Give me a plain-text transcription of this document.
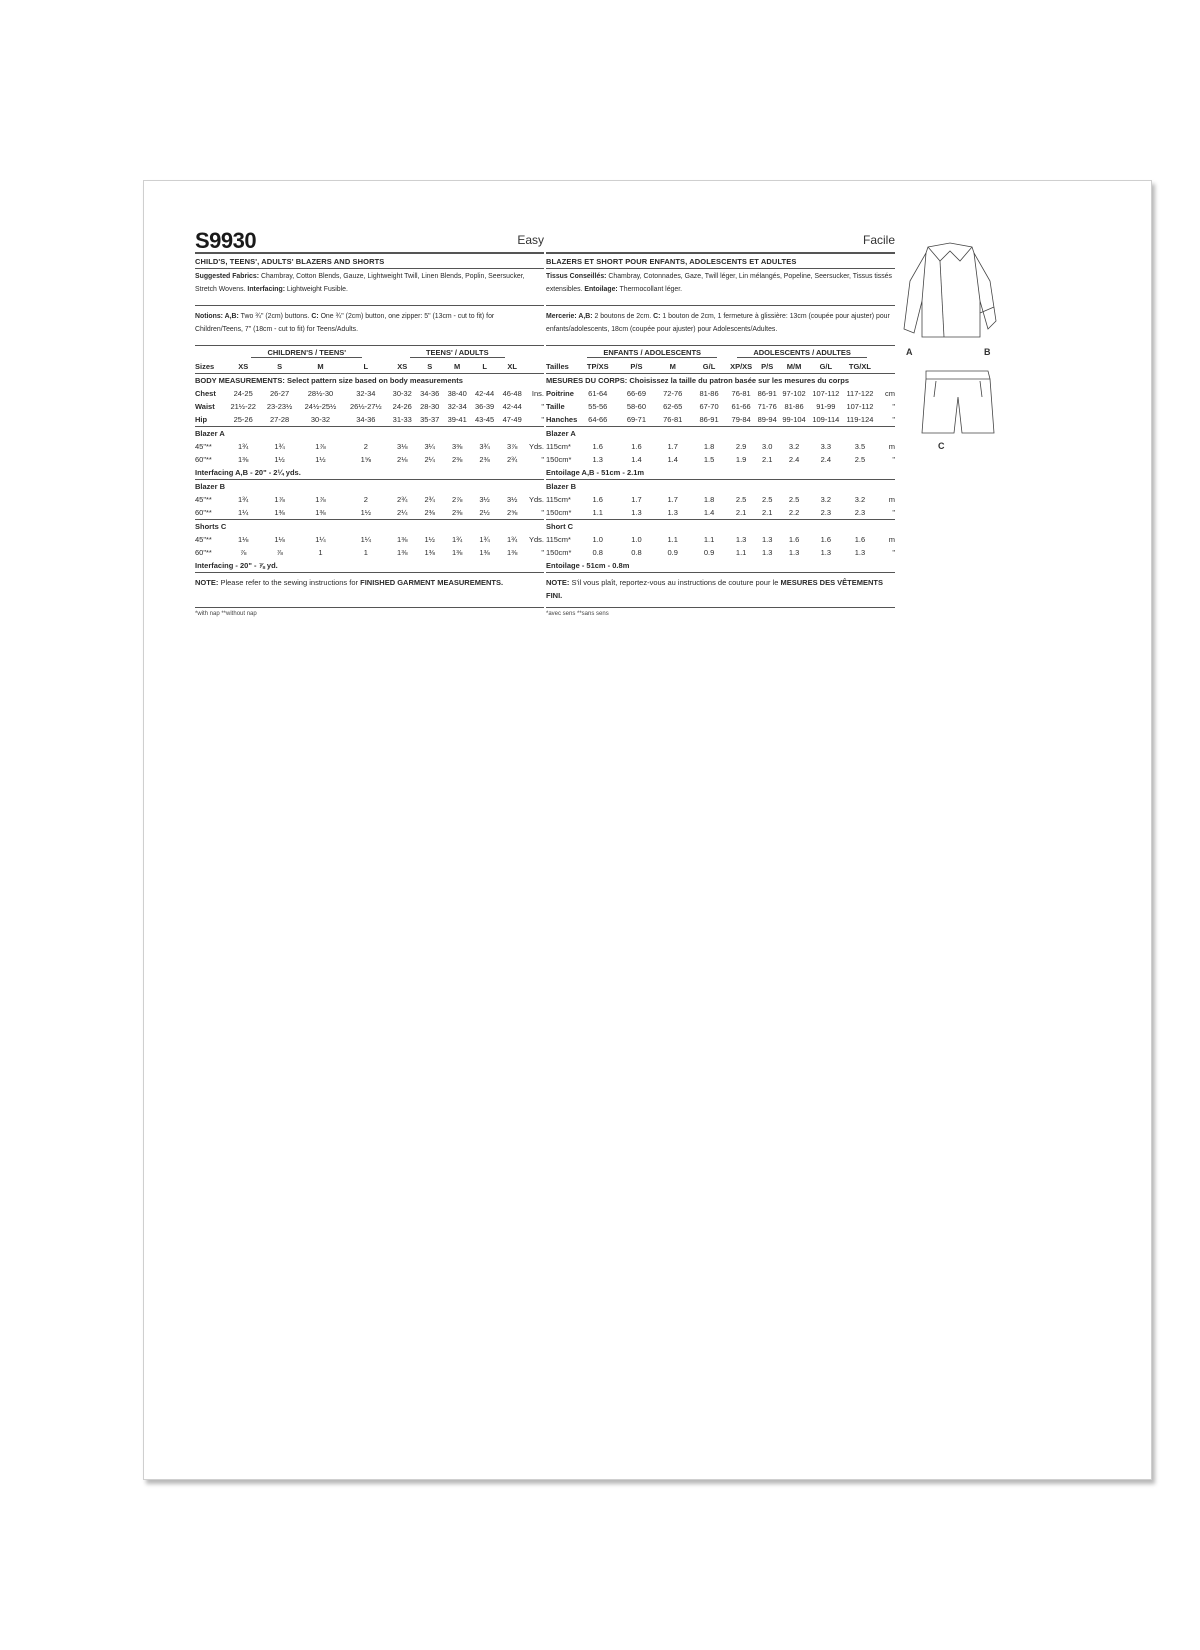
S9930	Easy
CHILD'S, TEENS', ADULTS' BLAZERS AND SHORTS
Suggested Fabrics: Chambray, Cotton Blends, Gauze, Lightweight Twill, Linen Blends, Poplin, Seersucker, Stretch Wovens. Interfacing: Lightweight Fusible.
Notions: A,B: Two ¾" (2cm) buttons. C: One ¾" (2cm) button, one zipper: 5" (13cm - cut to fit) for Children/Teens, 7" (18cm - cut to fit) for Teens/Adults.
	CHILDREN'S / TEENS'				TEENS' / ADULTS					
Sizes	XS	S	M	L	XS	S	M	L	XL	
BODY MEASUREMENTS: Select pattern size based on body measurements										
Chest	24-25	26-27	28½-30	32-34	30-32	34-36	38-40	42-44	46-48	Ins.
Waist	21½-22	23-23½	24½-25½	26½-27½	24-26	28-30	32-34	36-39	42-44	"
Hip	25-26	27-28	30-32	34-36	31-33	35-37	39-41	43-45	47-49	"
Blazer A										
45"**	1¾	1¾	1⅞	2	3⅛	3¼	3⅜	3¾	3⅞	Yds.
60"**	1⅜	1½	1½	1⅝	2⅛	2¼	2⅜	2⅜	2¾	"
Interfacing A,B - 20" - 2¼ yds.										
Blazer B										
45"**	1¾	1⅞	1⅞	2	2¾	2¾	2⅞	3½	3½	Yds.
60"**	1¼	1⅜	1⅜	1½	2¼	2⅜	2⅜	2½	2⅝	"
Shorts C										
45"**	1⅛	1⅛	1¼	1¼	1⅜	1½	1¾	1¾	1¾	Yds.
60"**	⅞	⅞	1	1	1⅜	1⅜	1⅜	1⅜	1⅜	"
Interfacing - 20" - ⅞ yd.										
NOTE: Please refer to the sewing instructions for FINISHED GARMENT MEASUREMENTS.
*with nap **without nap
Facile
BLAZERS ET SHORT POUR ENFANTS, ADOLESCENTS ET ADULTES
Tissus Conseillés: Chambray, Cotonnades, Gaze, Twill léger, Lin mélangés, Popeline, Seersucker, Tissus tissés extensibles. Entoilage: Thermocollant léger.
Mercerie: A,B: 2 boutons de 2cm. C: 1 bouton de 2cm, 1 fermeture à glissière: 13cm (coupée pour ajuster) pour enfants/adolescents, 18cm (coupée pour ajuster) pour Adolescents/Adultes.
	ENFANTS / ADOLESCENTS				ADOLESCENTS / ADULTES					
Tailles	TP/XS	P/S	M	G/L	XP/XS	P/S	M/M	G/L	TG/XL	
MESURES DU CORPS: Choisissez la taille du patron basée sur les mesures du corps										
Poitrine	61-64	66-69	72-76	81-86	76-81	86-91	97-102	107-112	117-122	cm
Taille	55-56	58-60	62-65	67-70	61-66	71-76	81-86	91-99	107-112	"
Hanches	64-66	69-71	76-81	86-91	79-84	89-94	99-104	109-114	119-124	"
Blazer A										
115cm*	1.6	1.6	1.7	1.8	2.9	3.0	3.2	3.3	3.5	m
150cm*	1.3	1.4	1.4	1.5	1.9	2.1	2.4	2.4	2.5	"
Entoilage A,B - 51cm - 2.1m										
Blazer B										
115cm*	1.6	1.7	1.7	1.8	2.5	2.5	2.5	3.2	3.2	m
150cm*	1.1	1.3	1.3	1.4	2.1	2.1	2.2	2.3	2.3	"
Short C										
115cm*	1.0	1.0	1.1	1.1	1.3	1.3	1.6	1.6	1.6	m
150cm*	0.8	0.8	0.9	0.9	1.1	1.3	1.3	1.3	1.3	"
Entoilage - 51cm - 0.8m										
NOTE: S'il vous plaît, reportez-vous au instructions de couture pour le MESURES DES VÊTEMENTS FINI.
*avec sens **sans sens
A	B
C
